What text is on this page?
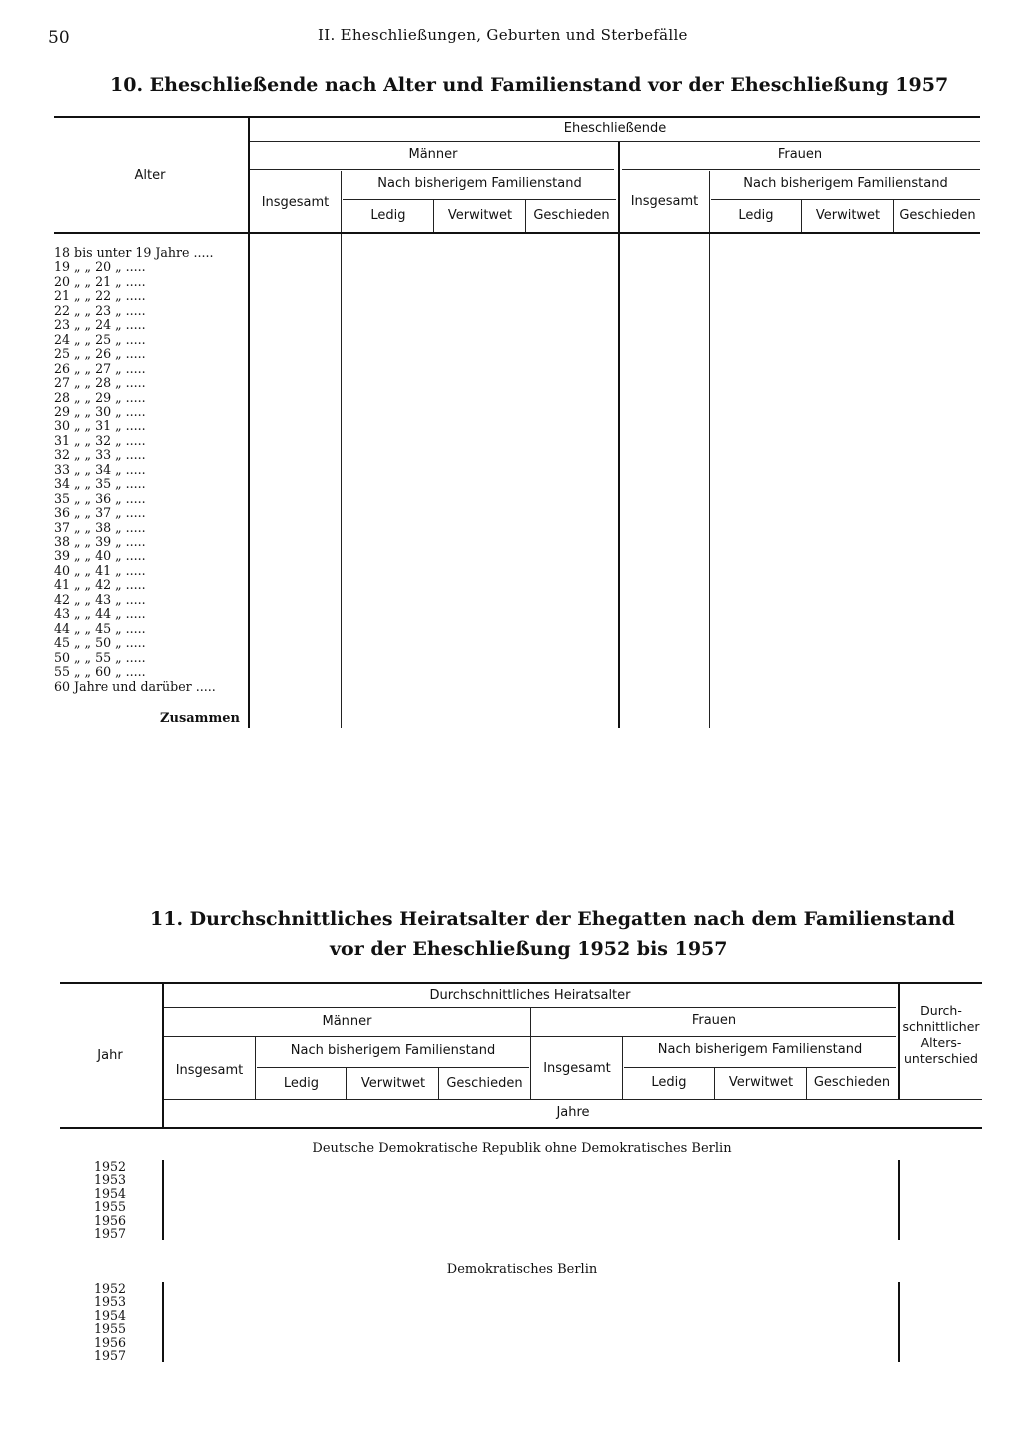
50	II. Eheschließungen, Geburten und Sterbefälle
10. Eheschließende nach Alter und Familienstand vor der Eheschließung 1957
Alter
Eheschließende
Männer	Frauen
Insgesamt	Insgesamt
Nach bisherigem Familienstand	Nach bisherigem Familienstand
Ledig	Verwitwet	Geschieden	Ledig	Verwitwet	Geschieden
18 bis unter 19 Jahre .....
19 „ „ 20 „ .....
20 „ „ 21 „ .....
21 „ „ 22 „ .....
22 „ „ 23 „ .....
23 „ „ 24 „ .....
24 „ „ 25 „ .....
25 „ „ 26 „ .....
26 „ „ 27 „ .....
27 „ „ 28 „ .....
28 „ „ 29 „ .....
29 „ „ 30 „ .....
30 „ „ 31 „ .....
31 „ „ 32 „ .....
32 „ „ 33 „ .....
33 „ „ 34 „ .....
34 „ „ 35 „ .....
35 „ „ 36 „ .....
36 „ „ 37 „ .....
37 „ „ 38 „ .....
38 „ „ 39 „ .....
39 „ „ 40 „ .....
40 „ „ 41 „ .....
41 „ „ 42 „ .....
42 „ „ 43 „ .....
43 „ „ 44 „ .....
44 „ „ 45 „ .....
45 „ „ 50 „ .....
50 „ „ 55 „ .....
55 „ „ 60 „ .....
60 Jahre und darüber .....
Zusammen
11. Durchschnittliches Heiratsalter der Ehegatten nach dem Familienstand
vor der Eheschließung 1952 bis 1957
Jahr
Durchschnittliches Heiratsalter
Männer	Frauen
Insgesamt	Insgesamt
Nach bisherigem Familienstand	Nach bisherigem Familienstand
Ledig	Verwitwet	Geschieden	Ledig	Verwitwet	Geschieden
Durch-
schnittlicher
Alters-
unterschied
Jahre
Deutsche Demokratische Republik ohne Demokratisches Berlin
1952
1953
1954
1955
1956
1957
Demokratisches Berlin
1952
1953
1954
1955
1956
1957
